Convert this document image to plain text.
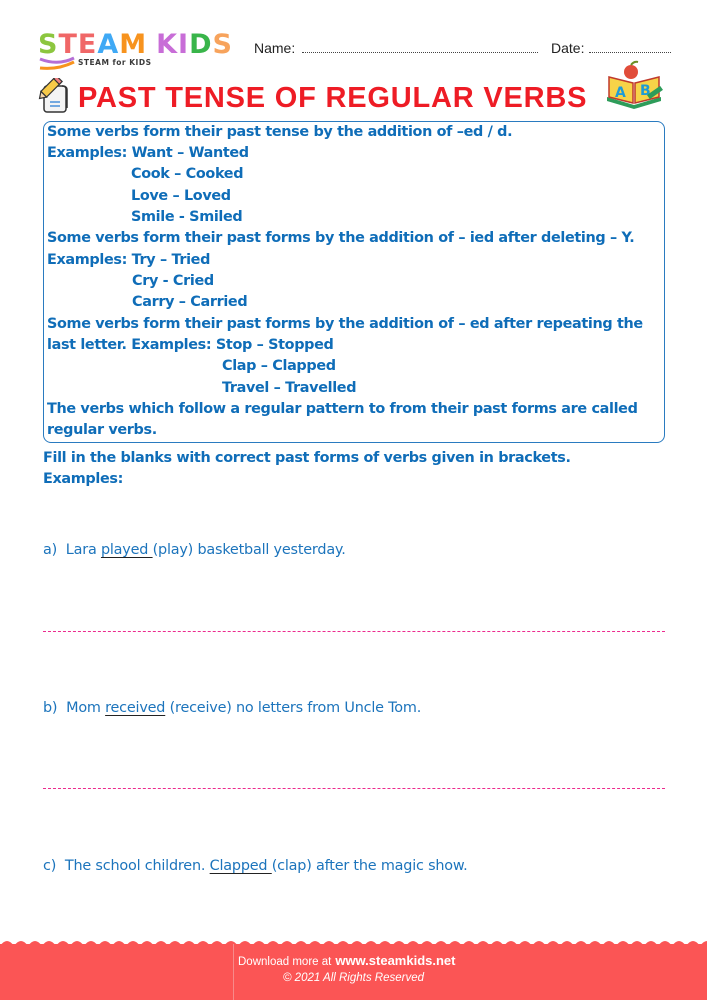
STEAM KIDS
STEAM for KIDS
Name:	Date:
PAST TENSE OF REGULAR VERBS A B
Some verbs form their past tense by the addition of –ed / d.
Examples: Want – Wanted
Cook – Cooked
Love – Loved
Smile - Smiled
Some verbs form their past forms by the addition of – ied after deleting – Y.
Examples: Try – Tried
Cry - Cried
Carry – Carried
Some verbs form their past forms by the addition of – ed after repeating the
last letter. Examples: Stop – Stopped
Clap – Clapped
Travel – Travelled
The verbs which follow a regular pattern to from their past forms are called
regular verbs.
Fill in the blanks with correct past forms of verbs given in brackets.
Examples:
a) Lara played (play) basketball yesterday.
b) Mom received (receive) no letters from Uncle Tom.
c) The school children. Clapped (clap) after the magic show.
Download more at www.steamkids.net
© 2021 All Rights Reserved
